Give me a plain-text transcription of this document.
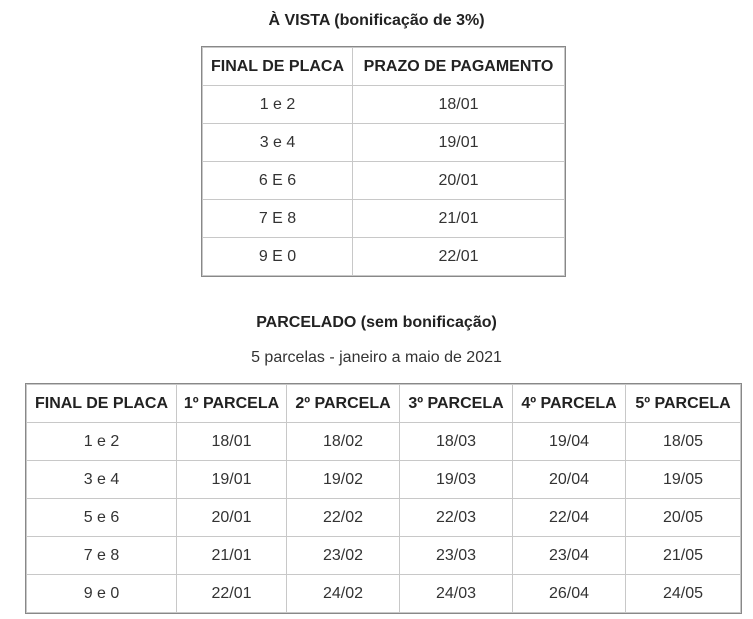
À VISTA (bonificação de 3%)
FINAL DE PLACA	PRAZO DE PAGAMENTO
1 e 2	18/01
3 e 4	19/01
6 E 6	20/01
7 E 8	21/01
9 E 0	22/01
PARCELADO (sem bonificação)
5 parcelas - janeiro a maio de 2021
FINAL DE PLACA	1º PARCELA	2º PARCELA	3º PARCELA	4º PARCELA	5º PARCELA
1 e 2	18/01	18/02	18/03	19/04	18/05
3 e 4	19/01	19/02	19/03	20/04	19/05
5 e 6	20/01	22/02	22/03	22/04	20/05
7 e 8	21/01	23/02	23/03	23/04	21/05
9 e 0	22/01	24/02	24/03	26/04	24/05
